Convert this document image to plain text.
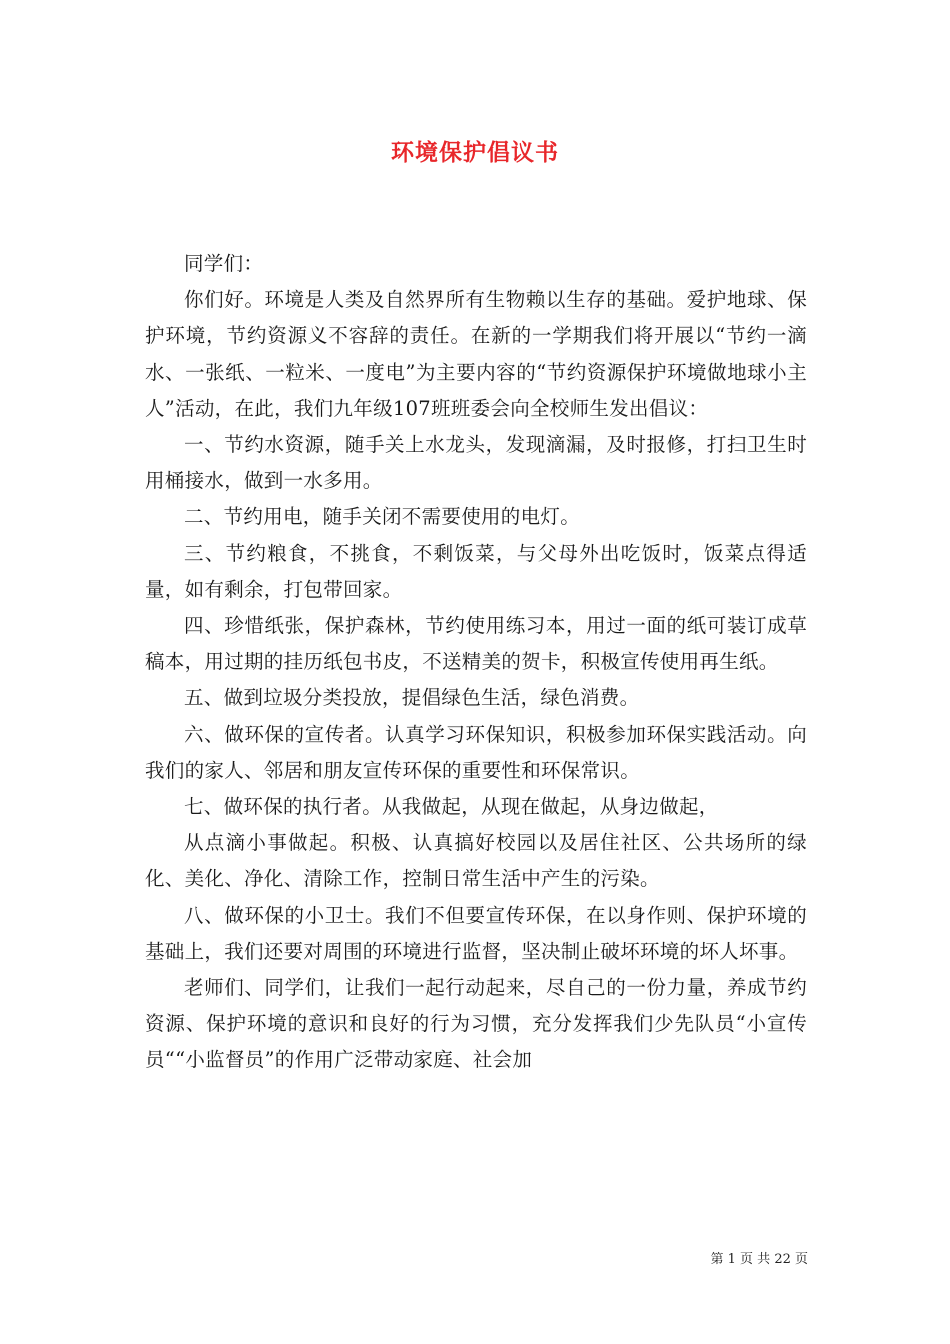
环境保护倡议书

同学们：

你们好。环境是人类及自然界所有生物赖以生存的基础。爱护地球、保护环境，节约资源义不容辞的责任。在新的一学期我们将开展以“节约一滴水、一张纸、一粒米、一度电”为主要内容的“节约资源保护环境做地球小主人”活动，在此，我们九年级107班班委会向全校师生发出倡议：

一、节约水资源，随手关上水龙头，发现滴漏，及时报修，打扫卫生时用桶接水，做到一水多用。

二、节约用电，随手关闭不需要使用的电灯。

三、节约粮食，不挑食，不剩饭菜，与父母外出吃饭时，饭菜点得适量，如有剩余，打包带回家。

四、珍惜纸张，保护森林，节约使用练习本，用过一面的纸可装订成草稿本，用过期的挂历纸包书皮，不送精美的贺卡，积极宣传使用再生纸。

五、做到垃圾分类投放，提倡绿色生活，绿色消费。

六、做环保的宣传者。认真学习环保知识，积极参加环保实践活动。向我们的家人、邻居和朋友宣传环保的重要性和环保常识。

七、做环保的执行者。从我做起，从现在做起，从身边做起，

从点滴小事做起。积极、认真搞好校园以及居住社区、公共场所的绿化、美化、净化、清除工作，控制日常生活中产生的污染。

八、做环保的小卫士。我们不但要宣传环保，在以身作则、保护环境的基础上，我们还要对周围的环境进行监督，坚决制止破坏环境的坏人坏事。

老师们、同学们，让我们一起行动起来，尽自己的一份力量，养成节约资源、保护环境的意识和良好的行为习惯，充分发挥我们少先队员“小宣传员““小监督员”的作用广泛带动家庭、社会加

第 1 页 共 22 页
